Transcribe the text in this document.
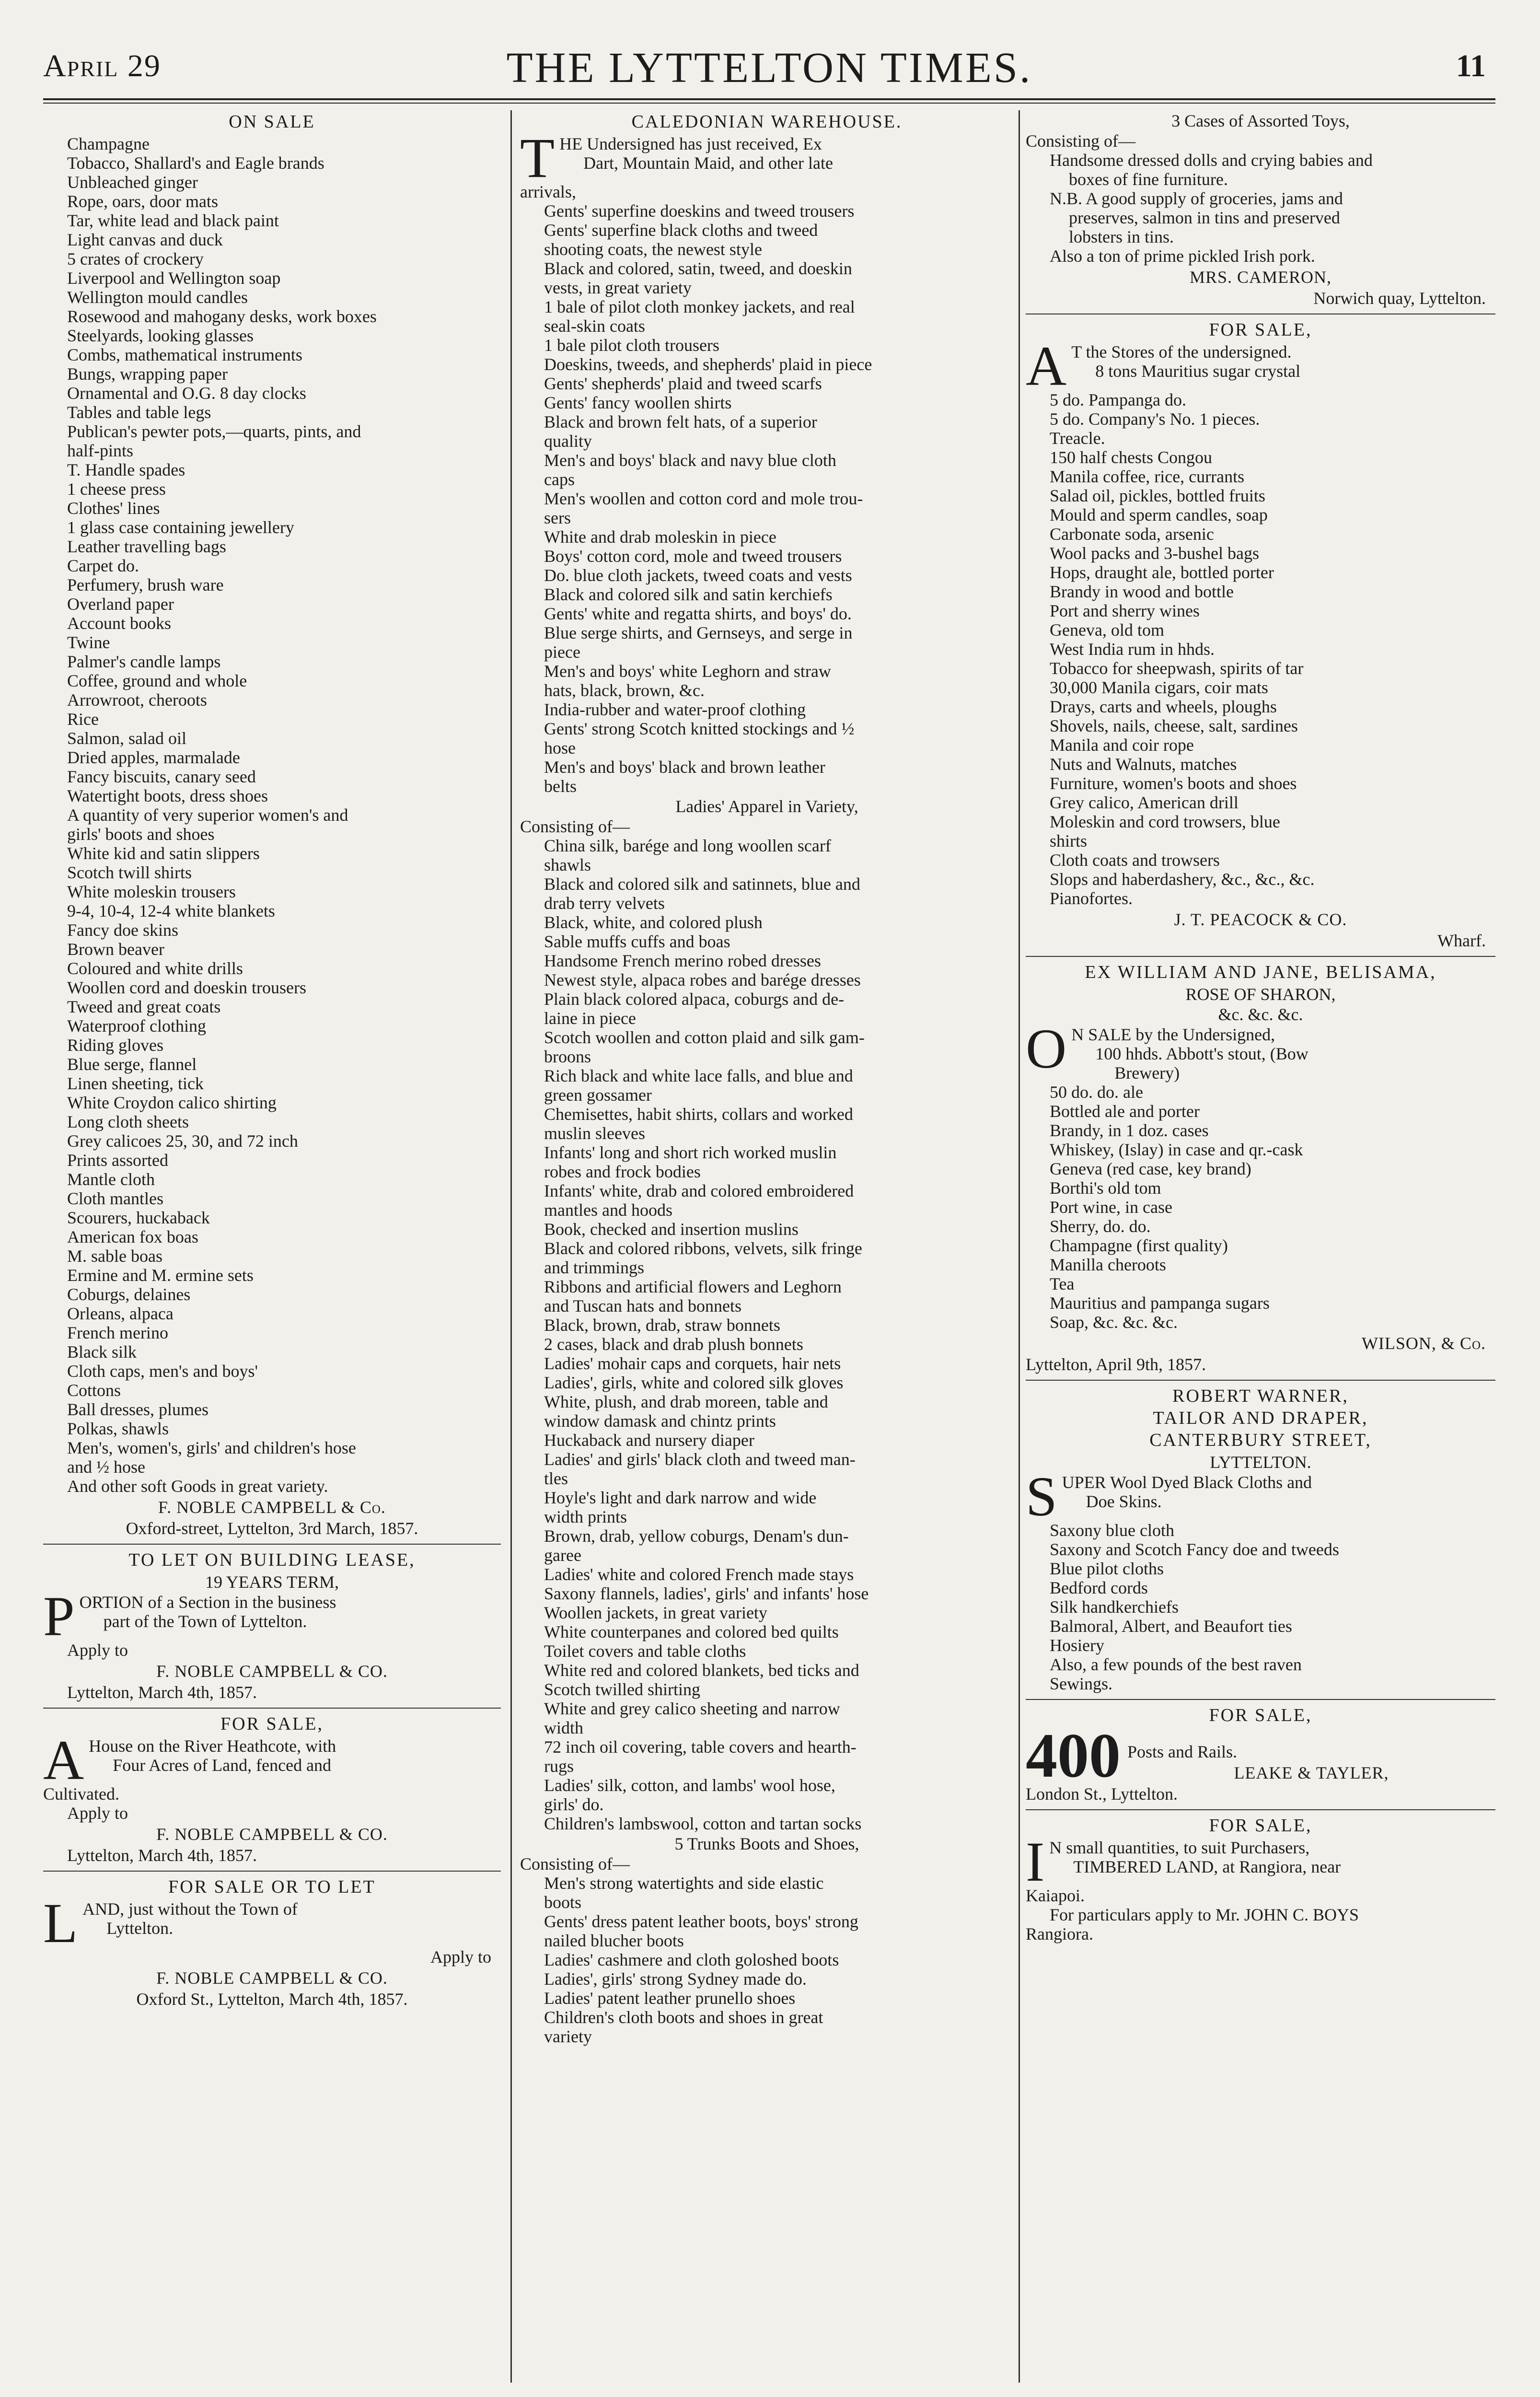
April 29	THE LYTTELTON TIMES.	11
ON SALE
Champagne
Tobacco, Shallard's and Eagle brands
Unbleached ginger
Rope, oars, door mats
Tar, white lead and black paint
Light canvas and duck
5 crates of crockery
Liverpool and Wellington soap
Wellington mould candles
Rosewood and mahogany desks, work boxes
Steelyards, looking glasses
Combs, mathematical instruments
Bungs, wrapping paper
Ornamental and O.G. 8 day clocks
Tables and table legs
Publican's pewter pots,—quarts, pints, and
half-pints
T. Handle spades
1 cheese press
Clothes' lines
1 glass case containing jewellery
Leather travelling bags
Carpet do.
Perfumery, brush ware
Overland paper
Account books
Twine
Palmer's candle lamps
Coffee, ground and whole
Arrowroot, cheroots
Rice
Salmon, salad oil
Dried apples, marmalade
Fancy biscuits, canary seed
Watertight boots, dress shoes
A quantity of very superior women's and
girls' boots and shoes
White kid and satin slippers
Scotch twill shirts
White moleskin trousers
9-4, 10-4, 12-4 white blankets
Fancy doe skins
Brown beaver
Coloured and white drills
Woollen cord and doeskin trousers
Tweed and great coats
Waterproof clothing
Riding gloves
Blue serge, flannel
Linen sheeting, tick
White Croydon calico shirting
Long cloth sheets
Grey calicoes 25, 30, and 72 inch
Prints assorted
Mantle cloth
Cloth mantles
Scourers, huckaback
American fox boas
M. sable boas
Ermine and M. ermine sets
Coburgs, delaines
Orleans, alpaca
French merino
Black silk
Cloth caps, men's and boys'
Cottons
Ball dresses, plumes
Polkas, shawls
Men's, women's, girls' and children's hose
and ½ hose
And other soft Goods in great variety.
F. NOBLE CAMPBELL & Co.
Oxford-street, Lyttelton, 3rd March, 1857.
TO LET ON BUILDING LEASE,
19 YEARS TERM,
P ORTION of a Section in the business
part of the Town of Lyttelton.
Apply to
F. NOBLE CAMPBELL & CO.
Lyttelton, March 4th, 1857.
FOR SALE,
A House on the River Heathcote, with
Four Acres of Land, fenced and
Cultivated.
Apply to
F. NOBLE CAMPBELL & CO.
Lyttelton, March 4th, 1857.
FOR SALE OR TO LET
L AND, just without the Town of
Lyttelton.
Apply to
F. NOBLE CAMPBELL & CO.
Oxford St., Lyttelton, March 4th, 1857.
CALEDONIAN WAREHOUSE.
T HE Undersigned has just received, Ex
Dart, Mountain Maid, and other late
arrivals,
Gents' superfine doeskins and tweed trousers
Gents' superfine black cloths and tweed
shooting coats, the newest style
Black and colored, satin, tweed, and doeskin
vests, in great variety
1 bale of pilot cloth monkey jackets, and real
seal-skin coats
1 bale pilot cloth trousers
Doeskins, tweeds, and shepherds' plaid in piece
Gents' shepherds' plaid and tweed scarfs
Gents' fancy woollen shirts
Black and brown felt hats, of a superior
quality
Men's and boys' black and navy blue cloth
caps
Men's woollen and cotton cord and mole trou-
sers
White and drab moleskin in piece
Boys' cotton cord, mole and tweed trousers
Do. blue cloth jackets, tweed coats and vests
Black and colored silk and satin kerchiefs
Gents' white and regatta shirts, and boys' do.
Blue serge shirts, and Gernseys, and serge in
piece
Men's and boys' white Leghorn and straw
hats, black, brown, &c.
India-rubber and water-proof clothing
Gents' strong Scotch knitted stockings and ½
hose
Men's and boys' black and brown leather
belts
Ladies' Apparel in Variety,
Consisting of—
China silk, barége and long woollen scarf
shawls
Black and colored silk and satinnets, blue and
drab terry velvets
Black, white, and colored plush
Sable muffs cuffs and boas
Handsome French merino robed dresses
Newest style, alpaca robes and barége dresses
Plain black colored alpaca, coburgs and de-
laine in piece
Scotch woollen and cotton plaid and silk gam-
broons
Rich black and white lace falls, and blue and
green gossamer
Chemisettes, habit shirts, collars and worked
muslin sleeves
Infants' long and short rich worked muslin
robes and frock bodies
Infants' white, drab and colored embroidered
mantles and hoods
Book, checked and insertion muslins
Black and colored ribbons, velvets, silk fringe
and trimmings
Ribbons and artificial flowers and Leghorn
and Tuscan hats and bonnets
Black, brown, drab, straw bonnets
2 cases, black and drab plush bonnets
Ladies' mohair caps and corquets, hair nets
Ladies', girls, white and colored silk gloves
White, plush, and drab moreen, table and
window damask and chintz prints
Huckaback and nursery diaper
Ladies' and girls' black cloth and tweed man-
tles
Hoyle's light and dark narrow and wide
width prints
Brown, drab, yellow coburgs, Denam's dun-
garee
Ladies' white and colored French made stays
Saxony flannels, ladies', girls' and infants' hose
Woollen jackets, in great variety
White counterpanes and colored bed quilts
Toilet covers and table cloths
White red and colored blankets, bed ticks and
Scotch twilled shirting
White and grey calico sheeting and narrow
width
72 inch oil covering, table covers and hearth-
rugs
Ladies' silk, cotton, and lambs' wool hose,
girls' do.
Children's lambswool, cotton and tartan socks
5 Trunks Boots and Shoes,
Consisting of—
Men's strong watertights and side elastic
boots
Gents' dress patent leather boots, boys' strong
nailed blucher boots
Ladies' cashmere and cloth goloshed boots
Ladies', girls' strong Sydney made do.
Ladies' patent leather prunello shoes
Children's cloth boots and shoes in great
variety
3 Cases of Assorted Toys,
Consisting of—
Handsome dressed dolls and crying babies and
boxes of fine furniture.
N.B. A good supply of groceries, jams and
preserves, salmon in tins and preserved
lobsters in tins.
Also a ton of prime pickled Irish pork.
MRS. CAMERON,
Norwich quay, Lyttelton.
FOR SALE,
A T the Stores of the undersigned.
8 tons Mauritius sugar crystal
5 do. Pampanga do.
5 do. Company's No. 1 pieces.
Treacle.
150 half chests Congou
Manila coffee, rice, currants
Salad oil, pickles, bottled fruits
Mould and sperm candles, soap
Carbonate soda, arsenic
Wool packs and 3-bushel bags
Hops, draught ale, bottled porter
Brandy in wood and bottle
Port and sherry wines
Geneva, old tom
West India rum in hhds.
Tobacco for sheepwash, spirits of tar
30,000 Manila cigars, coir mats
Drays, carts and wheels, ploughs
Shovels, nails, cheese, salt, sardines
Manila and coir rope
Nuts and Walnuts, matches
Furniture, women's boots and shoes
Grey calico, American drill
Moleskin and cord trowsers, blue
shirts
Cloth coats and trowsers
Slops and haberdashery, &c., &c., &c.
Pianofortes.
J. T. PEACOCK & CO.
Wharf.
EX WILLIAM AND JANE, BELISAMA,
ROSE OF SHARON,
&c. &c. &c.
O N SALE by the Undersigned,
100 hhds. Abbott's stout, (Bow
Brewery)
50 do. do. ale
Bottled ale and porter
Brandy, in 1 doz. cases
Whiskey, (Islay) in case and qr.-cask
Geneva (red case, key brand)
Borthi's old tom
Port wine, in case
Sherry, do. do.
Champagne (first quality)
Manilla cheroots
Tea
Mauritius and pampanga sugars
Soap, &c. &c. &c.
WILSON, & Co.
Lyttelton, April 9th, 1857.
ROBERT WARNER,
TAILOR AND DRAPER,
CANTERBURY STREET,
LYTTELTON.
S UPER Wool Dyed Black Cloths and
Doe Skins.
Saxony blue cloth
Saxony and Scotch Fancy doe and tweeds
Blue pilot cloths
Bedford cords
Silk handkerchiefs
Balmoral, Albert, and Beaufort ties
Hosiery
Also, a few pounds of the best raven
Sewings.
FOR SALE,
400 Posts and Rails.
LEAKE & TAYLER,
London St., Lyttelton.
FOR SALE,
I N small quantities, to suit Purchasers,
TIMBERED LAND, at Rangiora, near
Kaiapoi.
For particulars apply to Mr. JOHN C. BOYS
Rangiora.
